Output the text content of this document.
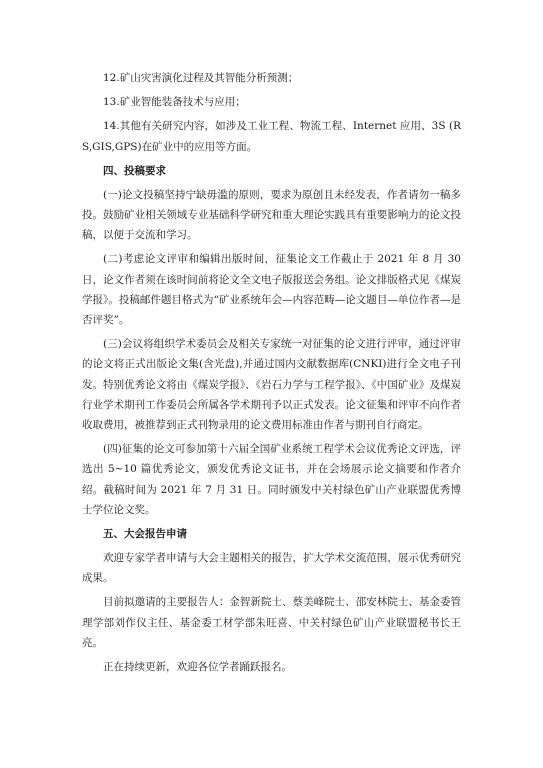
12.矿山灾害演化过程及其智能分析预测；

13.矿业智能装备技术与应用；

14.其他有关研究内容，如涉及工业工程、物流工程、Internet 应用、3S (RS,GIS,GPS)在矿业中的应用等方面。

四、投稿要求

(一)论文投稿坚持宁缺毋滥的原则，要求为原创且未经发表，作者请勿一稿多投。鼓励矿业相关领域专业基础科学研究和重大理论实践具有重要影响力的论文投稿，以便于交流和学习。

(二)考虑论文评审和编辑出版时间，征集论文工作截止于 2021 年 8 月 30 日，论文作者须在该时间前将论文全文电子版报送会务组。论文排版格式见《煤炭学报》。投稿邮件题目格式为“矿业系统年会—内容范畴—论文题目—单位作者—是否评奖”。

(三)会议将组织学术委员会及相关专家统一对征集的论文进行评审，通过评审的论文将正式出版论文集(含光盘),并通过国内文献数据库(CNKI)进行全文电子刊发。特别优秀论文将由《煤炭学报》、《岩石力学与工程学报》、《中国矿业》及煤炭行业学术期刊工作委员会所属各学术期刊予以正式发表。论文征集和评审不向作者收取费用，被推荐到正式刊物录用的论文费用标准由作者与期刊自行商定。

(四)征集的论文可参加第十六届全国矿业系统工程学术会议优秀论文评选，评选出 5~10 篇优秀论文，颁发优秀论文证书，并在会场展示论文摘要和作者介绍。截稿时间为 2021 年 7 月 31 日。同时颁发中关村绿色矿山产业联盟优秀博士学位论文奖。

五、大会报告申请

欢迎专家学者申请与大会主题相关的报告，扩大学术交流范围，展示优秀研究成果。

目前拟邀请的主要报告人：金智新院士、蔡美峰院士、邵安林院士、基金委管理学部刘作仪主任、基金委工材学部朱旺喜、中关村绿色矿山产业联盟秘书长王亮。

正在持续更新，欢迎各位学者踊跃报名。
